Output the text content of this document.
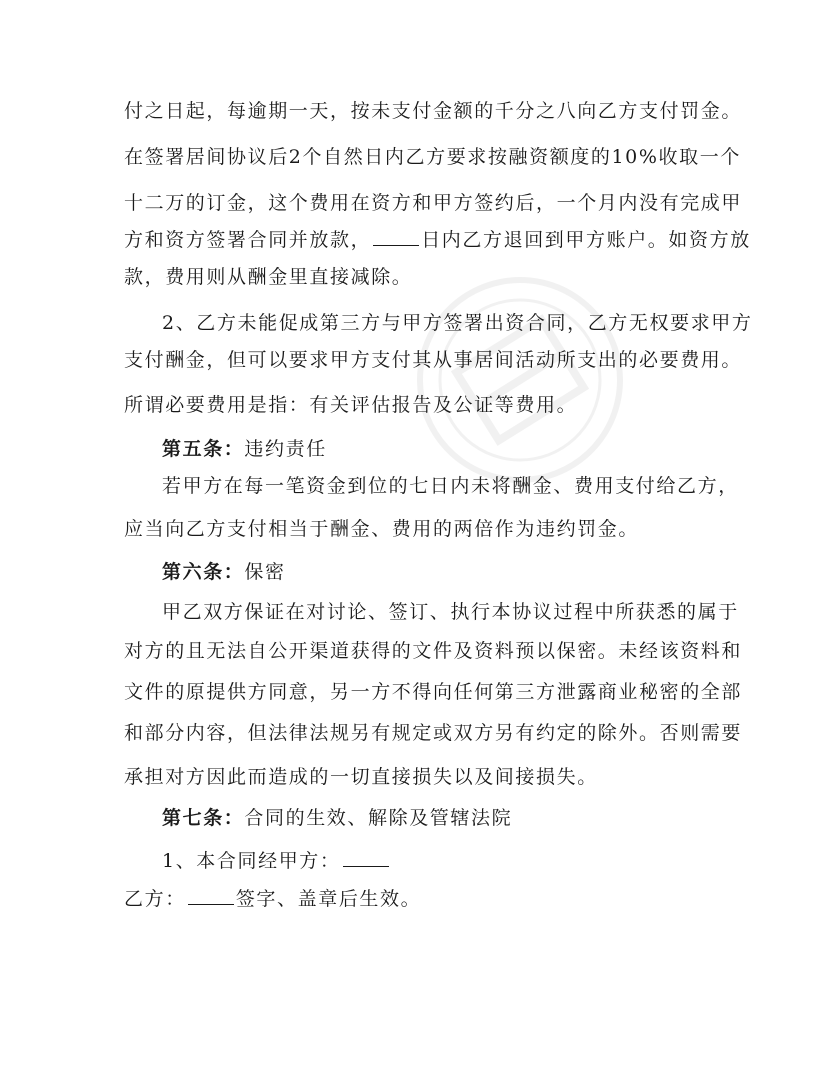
付之日起，每逾期一天，按未支付金额的千分之八向乙方支付罚金。
在签署居间协议后2个自然日内乙方要求按融资额度的10%收取一个
十二万的订金，这个费用在资方和甲方签约后，一个月内没有完成甲
方和资方签署合同并放款，	日内乙方退回到甲方账户。如资方放
款，费用则从酬金里直接减除。
2、乙方未能促成第三方与甲方签署出资合同，乙方无权要求甲方
支付酬金，但可以要求甲方支付其从事居间活动所支出的必要费用。
所谓必要费用是指：有关评估报告及公证等费用。
第五条：违约责任
若甲方在每一笔资金到位的七日内未将酬金、费用支付给乙方，
应当向乙方支付相当于酬金、费用的两倍作为违约罚金。
第六条：保密
甲乙双方保证在对讨论、签订、执行本协议过程中所获悉的属于
对方的且无法自公开渠道获得的文件及资料预以保密。未经该资料和
文件的原提供方同意，另一方不得向任何第三方泄露商业秘密的全部
和部分内容，但法律法规另有规定或双方另有约定的除外。否则需要
承担对方因此而造成的一切直接损失以及间接损失。
第七条：合同的生效、解除及管辖法院
1、本合同经甲方：
乙方：	签字、盖章后生效。
